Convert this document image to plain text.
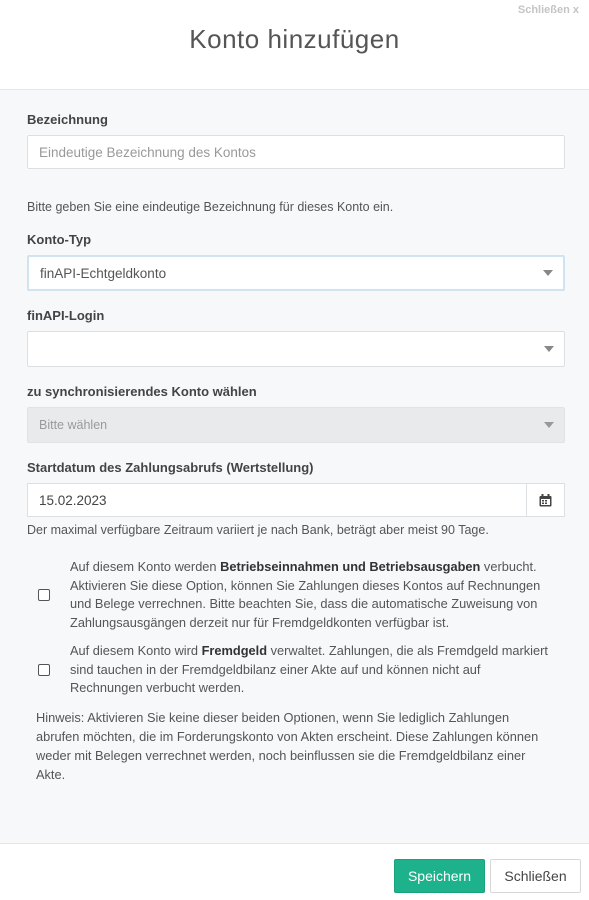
Schließen x
Konto hinzufügen
Bezeichnung
Eindeutige Bezeichnung des Kontos
Bitte geben Sie eine eindeutige Bezeichnung für dieses Konto ein.
Konto-Typ
finAPI-Echtgeldkonto
finAPI-Login
zu synchronisierendes Konto wählen
Bitte wählen
Startdatum des Zahlungsabrufs (Wertstellung)
15.02.2023
Der maximal verfügbare Zeitraum variiert je nach Bank, beträgt aber meist 90 Tage.
Auf diesem Konto werden Betriebseinnahmen und Betriebsausgaben verbucht. Aktivieren Sie diese Option, können Sie Zahlungen dieses Kontos auf Rechnungen und Belege verrechnen. Bitte beachten Sie, dass die automatische Zuweisung von Zahlungsausgängen derzeit nur für Fremdgeldkonten verfügbar ist.
Auf diesem Konto wird Fremdgeld verwaltet. Zahlungen, die als Fremdgeld markiert sind tauchen in der Fremdgeldbilanz einer Akte auf und können nicht auf Rechnungen verbucht werden.
Hinweis: Aktivieren Sie keine dieser beiden Optionen, wenn Sie lediglich Zahlungen abrufen möchten, die im Forderungskonto von Akten erscheint. Diese Zahlungen können weder mit Belegen verrechnet werden, noch beinflussen sie die Fremdgeldbilanz einer Akte.
Speichern	Schließen
